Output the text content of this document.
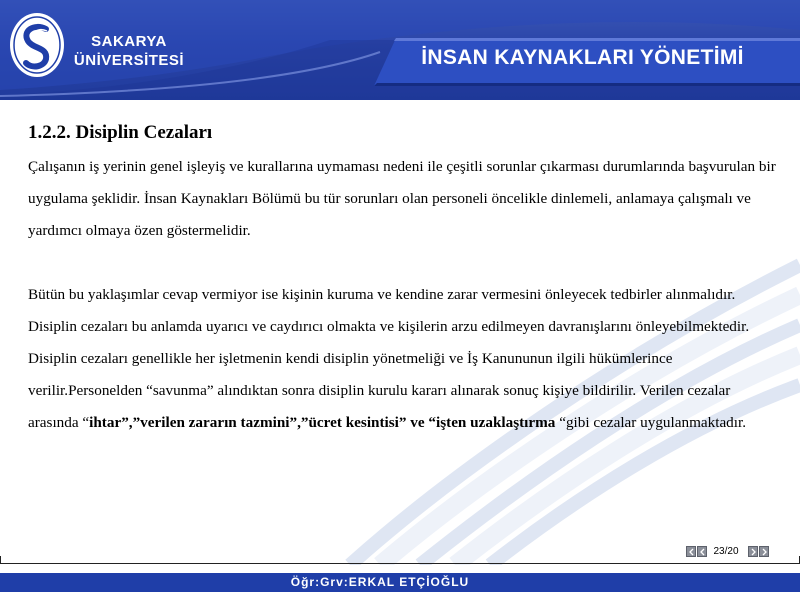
SAKARYA
ÜNİVERSİTESİ	İNSAN KAYNAKLARI YÖNETİMİ
1.2.2. Disiplin Cezaları

Çalışanın iş yerinin genel işleyiş ve kurallarına uymaması nedeni ile çeşitli sorunlar çıkarması durumlarında başvurulan bir uygulama şeklidir. İnsan Kaynakları Bölümü bu tür sorunları olan personeli öncelikle dinlemeli, anlamaya çalışmalı ve yardımcı olmaya özen göstermelidir.

Bütün bu yaklaşımlar cevap vermiyor ise kişinin kuruma ve kendine zarar vermesini önleyecek tedbirler alınmalıdır. Disiplin cezaları bu anlamda uyarıcı ve caydırıcı olmakta ve kişilerin arzu edilmeyen davranışlarını önleyebilmektedir. Disiplin cezaları genellikle her işletmenin kendi disiplin yönetmeliği ve İş Kanununun ilgili hükümlerince verilir.Personelden “savunma” alındıktan sonra disiplin kurulu kararı alınarak sonuç kişiye bildirilir. Verilen cezalar arasında “ihtar”,”verilen zararın tazmini”,”ücret kesintisi” ve “işten uzaklaştırma “gibi cezalar uygulanmaktadır.

23/20
Öğr:Grv:ERKAL ETÇİOĞLU
